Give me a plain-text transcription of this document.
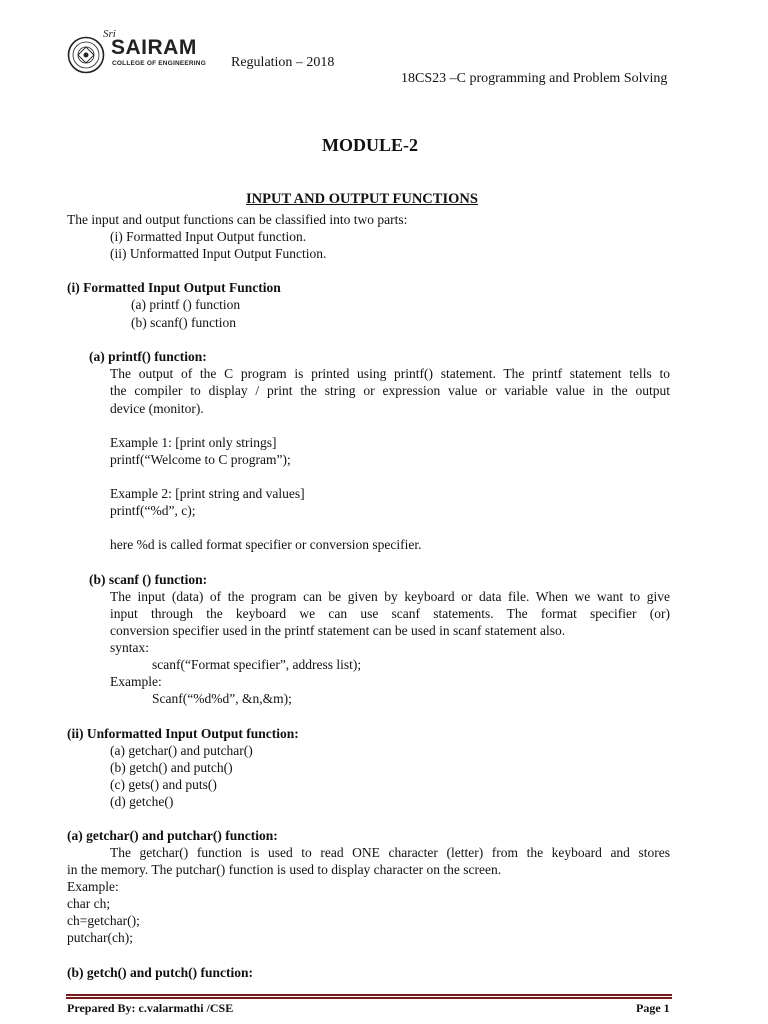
Sri
SAIRAM
COLLEGE OF ENGINEERING Regulation – 2018
18CS23 –C programming and Problem Solving
MODULE-2
INPUT AND OUTPUT FUNCTIONS
The input and output functions can be classified into two parts:
(i) Formatted Input Output function.
(ii) Unformatted Input Output Function.
(i) Formatted Input Output Function
(a) printf () function
(b) scanf() function
(a) printf() function:
The output of the C program is printed using printf() statement. The printf statement tells to
the compiler to display / print the string or expression value or variable value in the output
device (monitor).
Example 1: [print only strings]
printf(“Welcome to C program”);
Example 2: [print string and values]
printf(“%d”, c);
here %d is called format specifier or conversion specifier.
(b) scanf () function:
The input (data) of the program can be given by keyboard or data file. When we want to give
input through the keyboard we can use scanf statements. The format specifier (or)
conversion specifier used in the printf statement can be used in scanf statement also.
syntax:
scanf(“Format specifier”, address list);
Example:
Scanf(“%d%d”, &n,&m);
(ii) Unformatted Input Output function:
(a) getchar() and putchar()
(b) getch() and putch()
(c) gets() and puts()
(d) getche()
(a) getchar() and putchar() function:
The getchar() function is used to read ONE character (letter) from the keyboard and stores
in the memory. The putchar() function is used to display character on the screen.
Example:
char ch;
ch=getchar();
putchar(ch);
(b) getch() and putch() function:
Prepared By: c.valarmathi /CSE	Page 1
